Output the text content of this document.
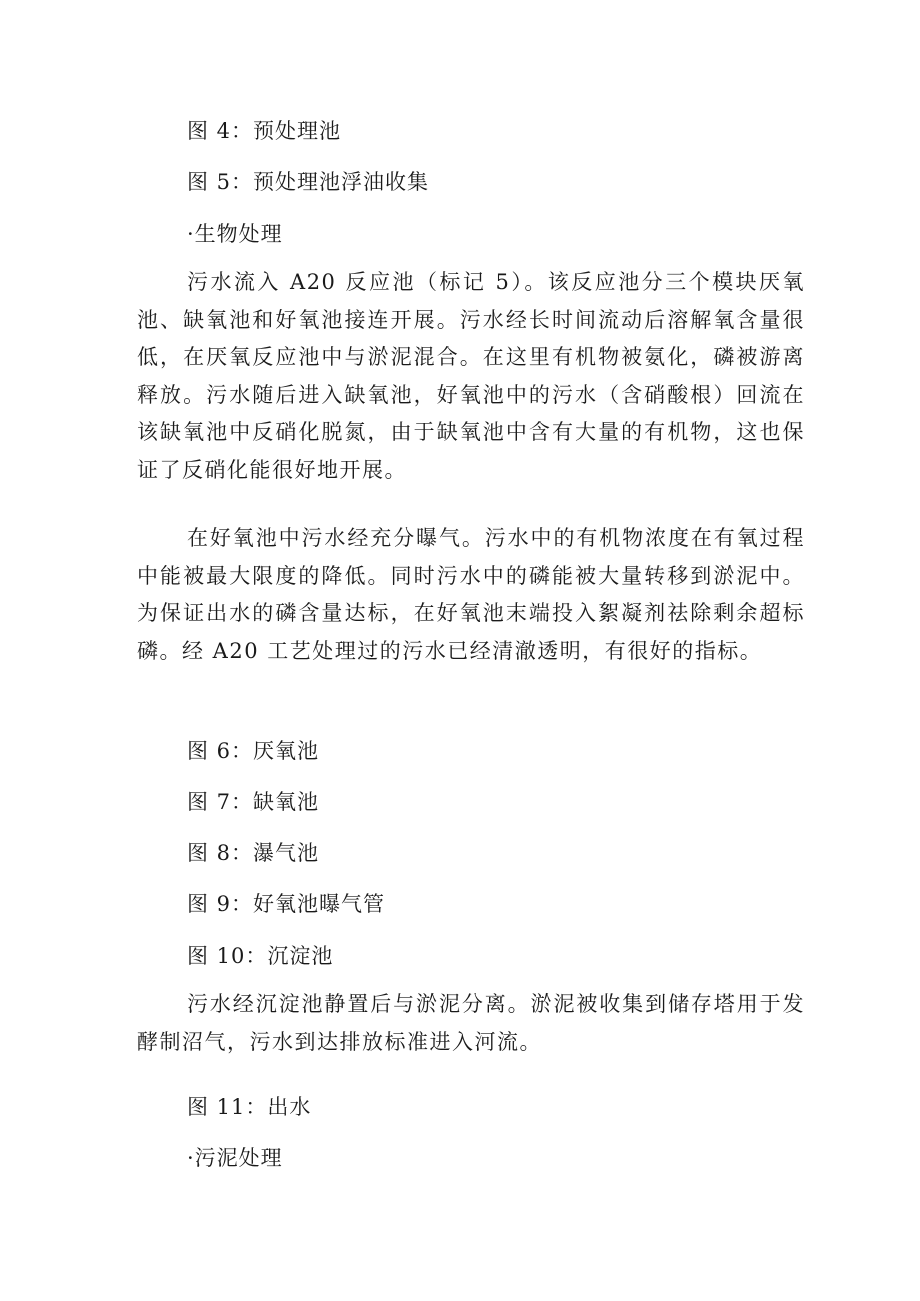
图 4：预处理池
图 5：预处理池浮油收集
·生物处理
污水流入 A20 反应池（标记 5）。该反应池分三个模块厌氧池、缺氧池和好氧池接连开展。污水经长时间流动后溶解氧含量很低，在厌氧反应池中与淤泥混合。在这里有机物被氨化，磷被游离释放。污水随后进入缺氧池，好氧池中的污水（含硝酸根）回流在该缺氧池中反硝化脱氮，由于缺氧池中含有大量的有机物，这也保证了反硝化能很好地开展。
在好氧池中污水经充分曝气。污水中的有机物浓度在有氧过程中能被最大限度的降低。同时污水中的磷能被大量转移到淤泥中。为保证出水的磷含量达标，在好氧池末端投入絮凝剂祛除剩余超标磷。经 A20 工艺处理过的污水已经清澈透明，有很好的指标。
图 6：厌氧池
图 7：缺氧池
图 8：瀑气池
图 9：好氧池曝气管
图 10：沉淀池
污水经沉淀池静置后与淤泥分离。淤泥被收集到储存塔用于发酵制沼气，污水到达排放标准进入河流。
图 11：出水
·污泥处理
